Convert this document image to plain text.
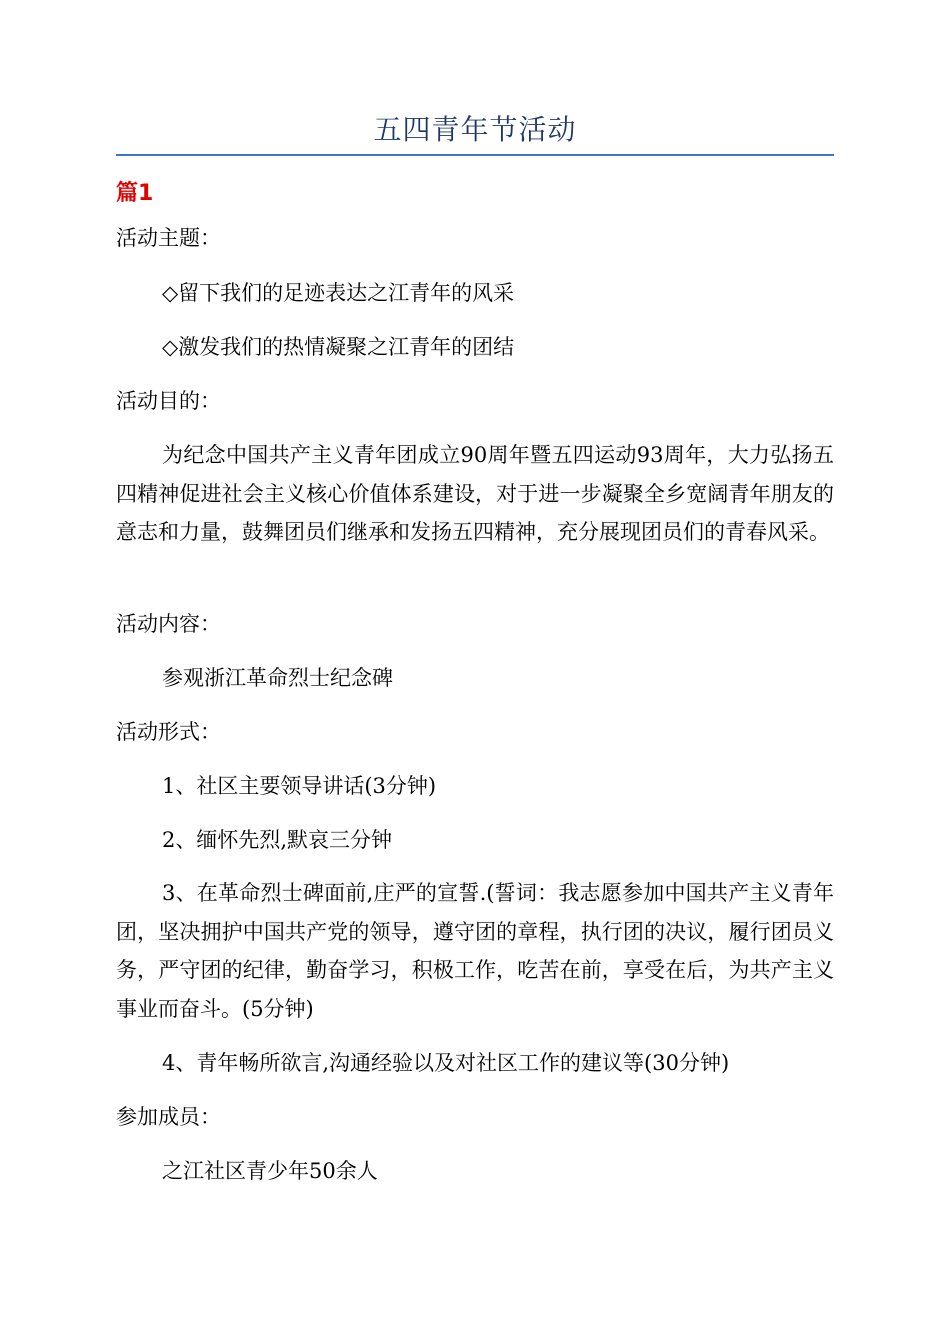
五四青年节活动
篇1
活动主题：
◇留下我们的足迹表达之江青年的风采
◇激发我们的热情凝聚之江青年的团结
活动目的：
为纪念中国共产主义青年团成立90周年暨五四运动93周年，大力弘扬五四精神促进社会主义核心价值体系建设，对于进一步凝聚全乡宽阔青年朋友的意志和力量，鼓舞团员们继承和发扬五四精神，充分展现团员们的青春风采。
活动内容：
参观浙江革命烈士纪念碑
活动形式：
1、社区主要领导讲话(3分钟)
2、缅怀先烈,默哀三分钟
3、在革命烈士碑面前,庄严的宣誓.(誓词：我志愿参加中国共产主义青年团，坚决拥护中国共产党的领导，遵守团的章程，执行团的决议，履行团员义务，严守团的纪律，勤奋学习，积极工作，吃苦在前，享受在后，为共产主义事业而奋斗。(5分钟)
4、青年畅所欲言,沟通经验以及对社区工作的建议等(30分钟)
参加成员：
之江社区青少年50余人
